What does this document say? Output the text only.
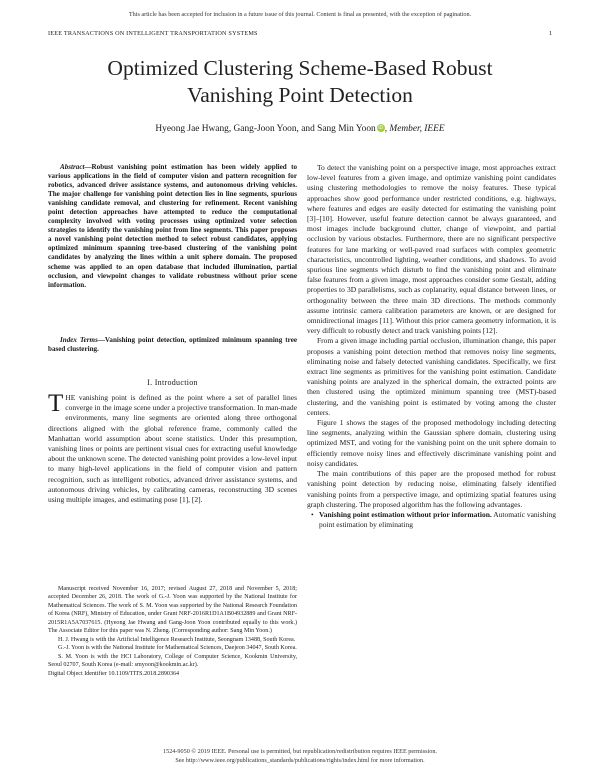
This article has been accepted for inclusion in a future issue of this journal. Content is final as presented, with the exception of pagination.
IEEE TRANSACTIONS ON INTELLIGENT TRANSPORTATION SYSTEMS	1
Optimized Clustering Scheme-Based Robust
Vanishing Point Detection
Hyeong Jae Hwang, Gang-Joon Yoon, and Sang Min Yoon iD , Member, IEEE
Abstract—Robust vanishing point estimation has been widely applied to various applications in the field of computer vision and pattern recognition for robotics, advanced driver assistance systems, and autonomous driving vehicles. The major challenge for vanishing point detection lies in line segments, spurious vanishing candidate removal, and clustering for refinement. Recent vanishing point detection approaches have attempted to reduce the computational complexity involved with voting processes using optimized voter selection strategies to identify the vanishing point from line segments. This paper proposes a novel vanishing point detection method to select robust candidates, applying optimized minimum spanning tree-based clustering of the vanishing point candidates by analyzing the lines within a unit sphere domain. The proposed scheme was applied to an open database that included illumination, partial occlusion, and viewpoint changes to validate robustness without prior scene information.
Index Terms—Vanishing point detection, optimized minimum spanning tree based clustering.
I. Introduction
THE vanishing point is defined as the point where a set of parallel lines converge in the image scene under a projective transformation. In man-made environments, many line segments are oriented along three orthogonal directions aligned with the global reference frame, commonly called the Manhattan world assumption about scene statistics. Under this presumption, vanishing lines or points are pertinent visual cues for extracting useful knowledge about the unknown scene. The detected vanishing point provides a low-level input to many high-level applications in the field of computer vision and pattern recognition, such as intelligent robotics, advanced driver assistance systems, and autonomous driving vehicles, by calibrating cameras, reconstructing 3D scenes using multiple images, and estimating pose [1], [2].

Manuscript received November 16, 2017; revised August 27, 2018 and November 5, 2018; accepted December 26, 2018. The work of G.-J. Yoon was supported by the National Institute for Mathematical Sciences. The work of S. M. Yoon was supported by the National Research Foundation of Korea (NRF), Ministry of Education, under Grant NRF-2016R1D1A1B04932889 and Grant NRF-2015R1A5A7037615. (Hyeong Jae Hwang and Gang-Joon Yoon contributed equally to this work.) The Associate Editor for this paper was N. Zheng. (Corresponding author: Sang Min Yoon.)

H. J. Hwang is with the Artificial Intelligence Research Institute, Seongnam 13488, South Korea.

G.-J. Yoon is with the National Institute for Mathematical Sciences, Daejeon 34047, South Korea.

S. M. Yoon is with the HCI Laboratory, College of Computer Science, Kookmin University, Seoul 02707, South Korea (e-mail: smyoon@kookmin.ac.kr).

Digital Object Identifier 10.1109/TITS.2018.2890364

To detect the vanishing point on a perspective image, most approaches extract low-level features from a given image, and optimize vanishing point candidates using clustering methodologies to remove the noisy features. These typical approaches show good performance under restricted conditions, e.g. highways, where features and edges are easily detected for estimating the vanishing point [3]–[10]. However, useful feature detection cannot be always guaranteed, and most images include background clutter, change of viewpoint, and partial occlusion by various obstacles. Furthermore, there are no significant perspective features for lane marking or well-paved road surfaces with complex geometric characteristics, uncontrolled lighting, weather conditions, and shadows. To avoid spurious line segments which disturb to find the vanishing point and eliminate false features from a given image, most approaches consider some Gestalt, adding properties to 3D parallelisms, such as coplanarity, equal distance between lines, or orthogonality between the three main 3D directions. The methods commonly assume intrinsic camera calibration parameters are known, or are designed for omnidirectional images [11]. Without this prior camera geometry information, it is very difficult to robustly detect and track vanishing points [12].

From a given image including partial occlusion, illumination change, this paper proposes a vanishing point detection method that removes noisy line segments, eliminating noise and falsely detected vanishing candidates. Specifically, we first extract line segments as primitives for the vanishing point estimation. Candidate vanishing points are analyzed in the spherical domain, the extracted points are then clustered using the optimized minimum spanning tree (MST)-based clustering, and the vanishing point is estimated by voting among the cluster centers.

Figure 1 shows the stages of the proposed methodology including detecting line segments, analyzing within the Gaussian sphere domain, clustering using optimized MST, and voting for the vanishing point on the unit sphere domain to efficiently remove noisy lines and effectively discriminate vanishing point and noisy candidates.

The main contributions of this paper are the proposed method for robust vanishing point detection by reducing noise, eliminating falsely identified vanishing points from a perspective image, and optimizing spatial features using graph clustering. The proposed algorithm has the following advantages.

• Vanishing point estimation without prior information. Automatic vanishing point estimation by eliminating

1524-9050 © 2019 IEEE. Personal use is permitted, but republication/redistribution requires IEEE permission.
See http://www.ieee.org/publications_standards/publications/rights/index.html for more information.
